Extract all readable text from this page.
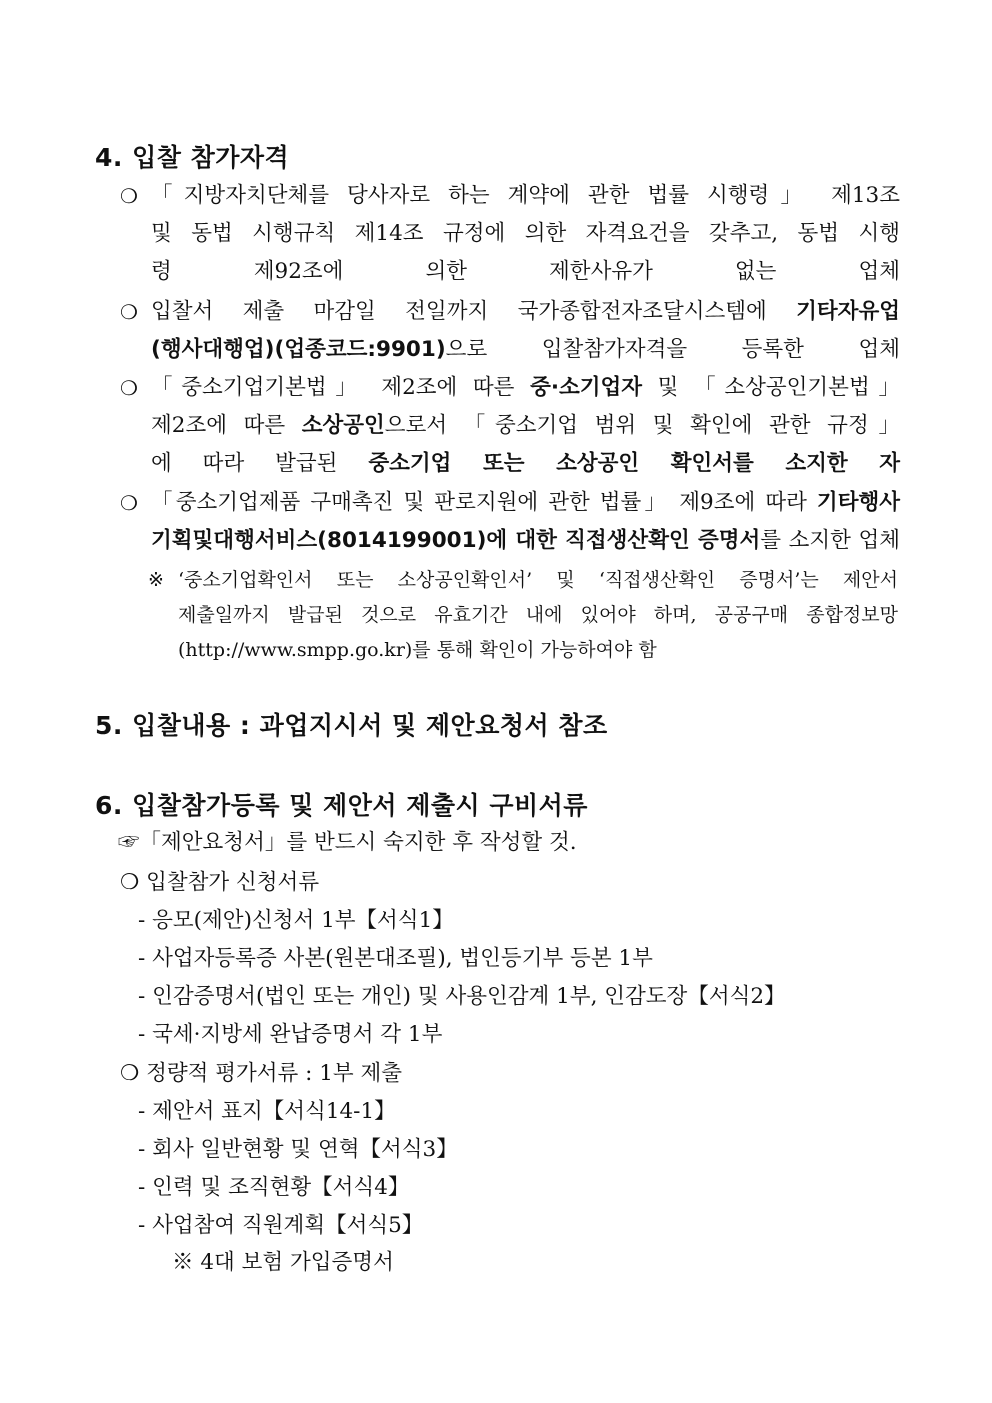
4. 입찰 참가자격
❍ 「지방자치단체를 당사자로 하는 계약에 관한 법률 시행령」 제13조
및 동법 시행규칙 제14조 규정에 의한 자격요건을 갖추고, 동법 시행
령 제92조에 의한 제한사유가 없는 업체
❍ 입찰서 제출 마감일 전일까지 국가종합전자조달시스템에 기타자유업
(행사대행업)(업종코드:9901)으로 입찰참가자격을 등록한 업체
❍ 「중소기업기본법」 제2조에 따른 중·소기업자 및 「소상공인기본법」
제2조에 따른 소상공인으로서 「중소기업 범위 및 확인에 관한 규정」
에 따라 발급된 중소기업 또는 소상공인 확인서를 소지한 자
❍ 「중소기업제품 구매촉진 및 판로지원에 관한 법률」 제9조에 따라 기타행사
기획및대행서비스(8014199001)에 대한 직접생산확인 증명서를 소지한 업체
※ ‘중소기업확인서 또는 소상공인확인서’ 및 ‘직접생산확인 증명서’는 제안서
제출일까지 발급된 것으로 유효기간 내에 있어야 하며, 공공구매 종합정보망
(http://www.smpp.go.kr)를 통해 확인이 가능하여야 함
5. 입찰내용 : 과업지시서 및 제안요청서 참조
6. 입찰참가등록 및 제안서 제출시 구비서류
☞「제안요청서」를 반드시 숙지한 후 작성할 것.
❍ 입찰참가 신청서류
- 응모(제안)신청서 1부【서식1】
- 사업자등록증 사본(원본대조필), 법인등기부 등본 1부
- 인감증명서(법인 또는 개인) 및 사용인감계 1부, 인감도장【서식2】
- 국세·지방세 완납증명서 각 1부
❍ 정량적 평가서류 : 1부 제출
- 제안서 표지【서식14-1】
- 회사 일반현황 및 연혁【서식3】
- 인력 및 조직현황【서식4】
- 사업참여 직원계획【서식5】
※ 4대 보험 가입증명서
